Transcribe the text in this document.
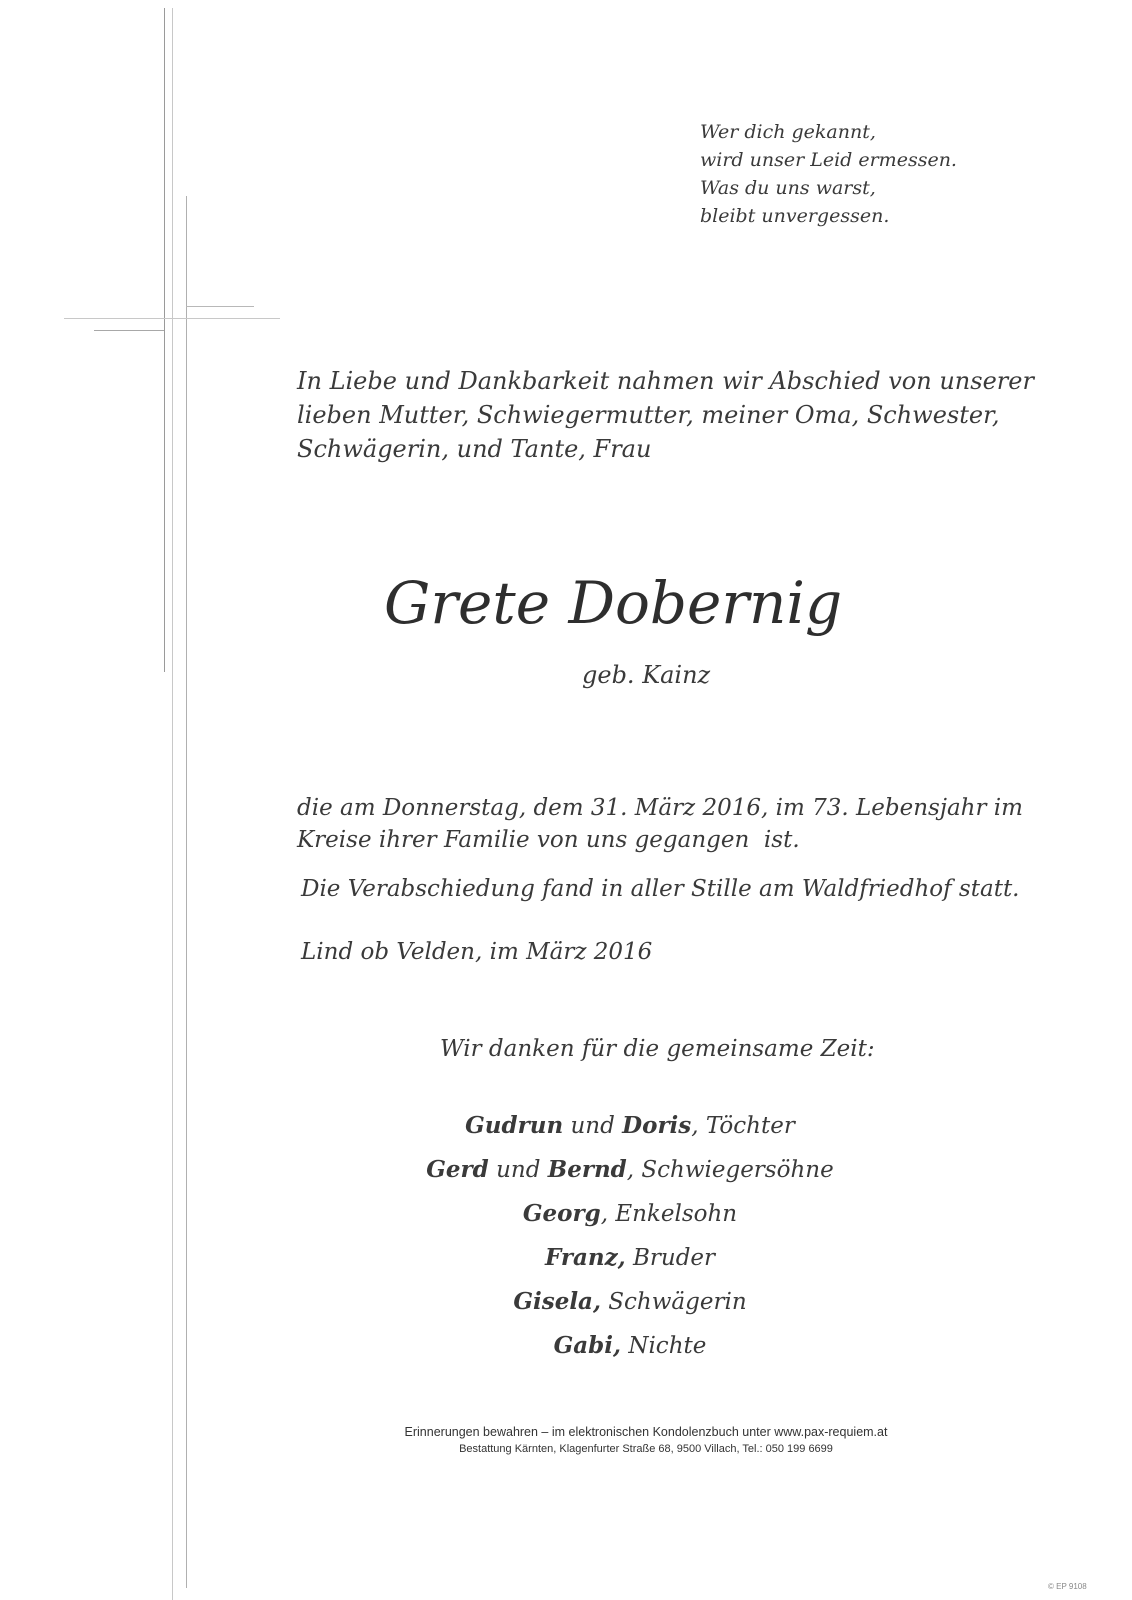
Wer dich gekannt,
wird unser Leid ermessen.
Was du uns warst,
bleibt unvergessen.
In Liebe und Dankbarkeit nahmen wir Abschied von unserer
lieben Mutter, Schwiegermutter, meiner Oma, Schwester,
Schwägerin, und Tante, Frau
Grete Dobernig
geb. Kainz
die am Donnerstag, dem 31. März 2016, im 73. Lebensjahr im
Kreise ihrer Familie von uns gegangen  ist.
Die Verabschiedung fand in aller Stille am Waldfriedhof statt.
Lind ob Velden, im März 2016
Wir danken für die gemeinsame Zeit:
Gudrun und Doris, Töchter
Gerd und Bernd, Schwiegersöhne
Georg, Enkelsohn
Franz, Bruder
Gisela, Schwägerin
Gabi, Nichte
Erinnerungen bewahren – im elektronischen Kondolenzbuch unter www.pax-requiem.at
Bestattung Kärnten, Klagenfurter Straße 68, 9500 Villach, Tel.: 050 199 6699
© EP 9108
